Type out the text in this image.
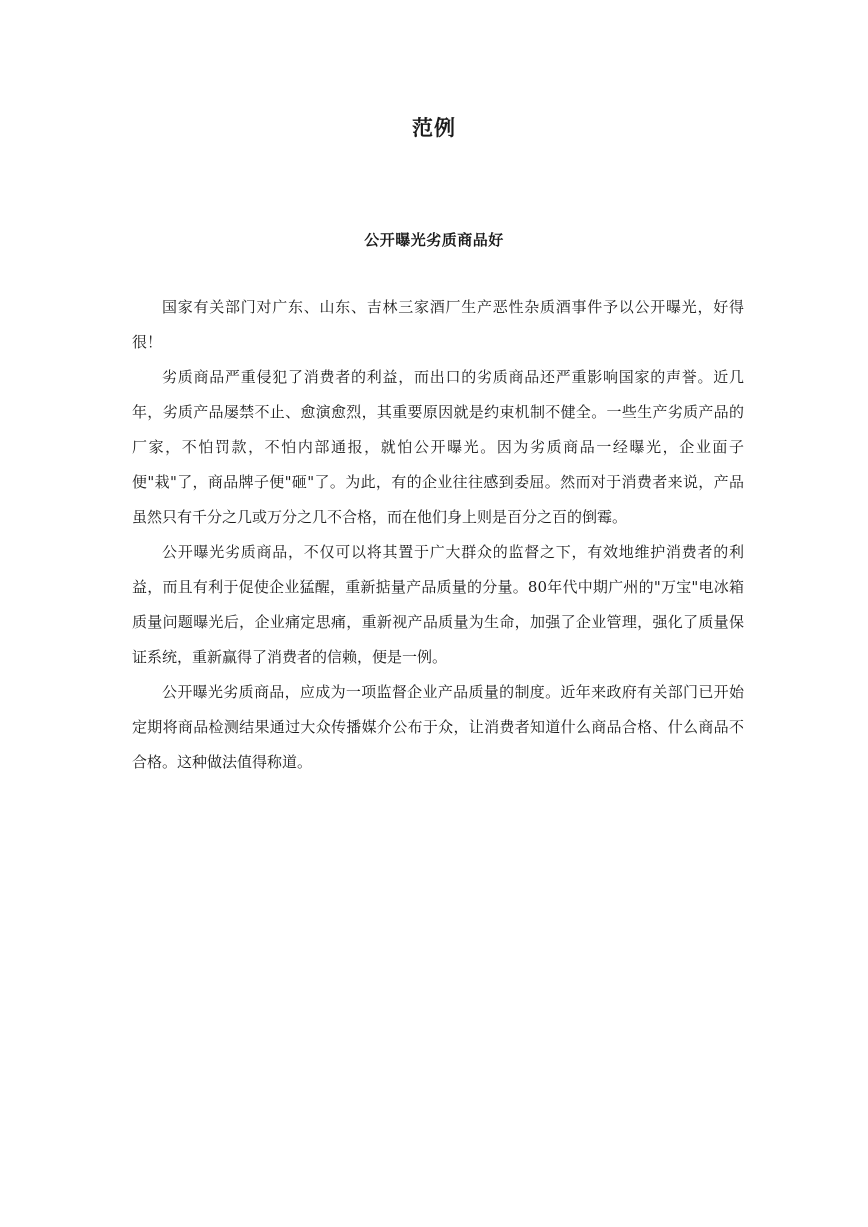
范例
公开曝光劣质商品好

国家有关部门对广东、山东、吉林三家酒厂生产恶性杂质酒事件予以公开曝光，好得很！

劣质商品严重侵犯了消费者的利益，而出口的劣质商品还严重影响国家的声誉。近几年，劣质产品屡禁不止、愈演愈烈，其重要原因就是约束机制不健全。一些生产劣质产品的厂家，不怕罚款，不怕内部通报，就怕公开曝光。因为劣质商品一经曝光，企业面子便"栽"了，商品牌子便"砸"了。为此，有的企业往往感到委屈。然而对于消费者来说，产品虽然只有千分之几或万分之几不合格，而在他们身上则是百分之百的倒霉。

公开曝光劣质商品，不仅可以将其置于广大群众的监督之下，有效地维护消费者的利益，而且有利于促使企业猛醒，重新掂量产品质量的分量。80年代中期广州的"万宝"电冰箱质量问题曝光后，企业痛定思痛，重新视产品质量为生命，加强了企业管理，强化了质量保证系统，重新赢得了消费者的信赖，便是一例。

公开曝光劣质商品，应成为一项监督企业产品质量的制度。近年来政府有关部门已开始定期将商品检测结果通过大众传播媒介公布于众，让消费者知道什么商品合格、什么商品不合格。这种做法值得称道。
